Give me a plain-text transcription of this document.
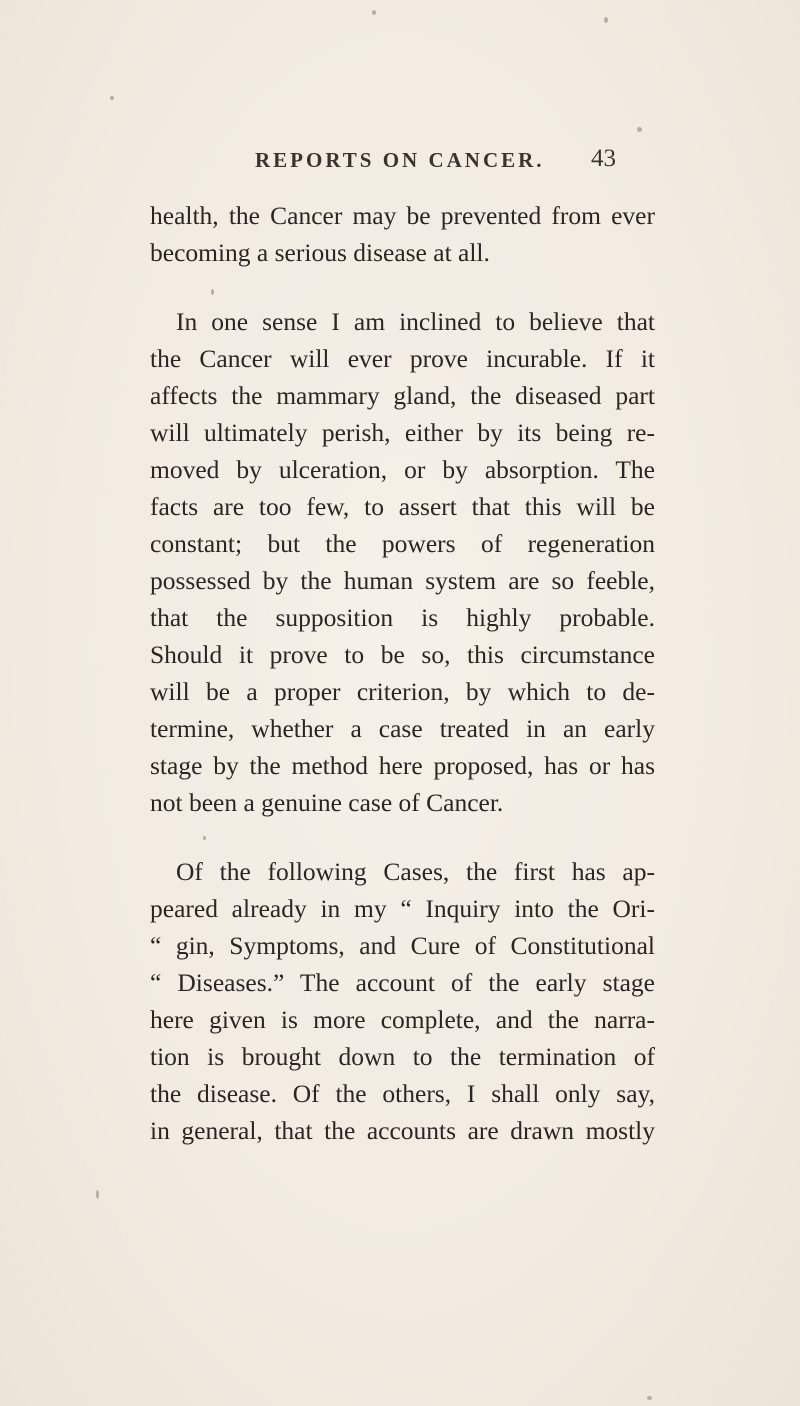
REPORTS ON CANCER. 43
health, the Cancer may be prevented from ever
becoming a serious disease at all.
In one sense I am inclined to believe that
the Cancer will ever prove incurable. If it
affects the mammary gland, the diseased part
will ultimately perish, either by its being re-
moved by ulceration, or by absorption. The
facts are too few, to assert that this will be
constant; but the powers of regeneration
possessed by the human system are so feeble,
that the supposition is highly probable.
Should it prove to be so, this circumstance
will be a proper criterion, by which to de-
termine, whether a case treated in an early
stage by the method here proposed, has or has
not been a genuine case of Cancer.
Of the following Cases, the first has ap-
peared already in my “ Inquiry into the Ori-
“ gin, Symptoms, and Cure of Constitutional
“ Diseases.” The account of the early stage
here given is more complete, and the narra-
tion is brought down to the termination of
the disease. Of the others, I shall only say,
in general, that the accounts are drawn mostly
